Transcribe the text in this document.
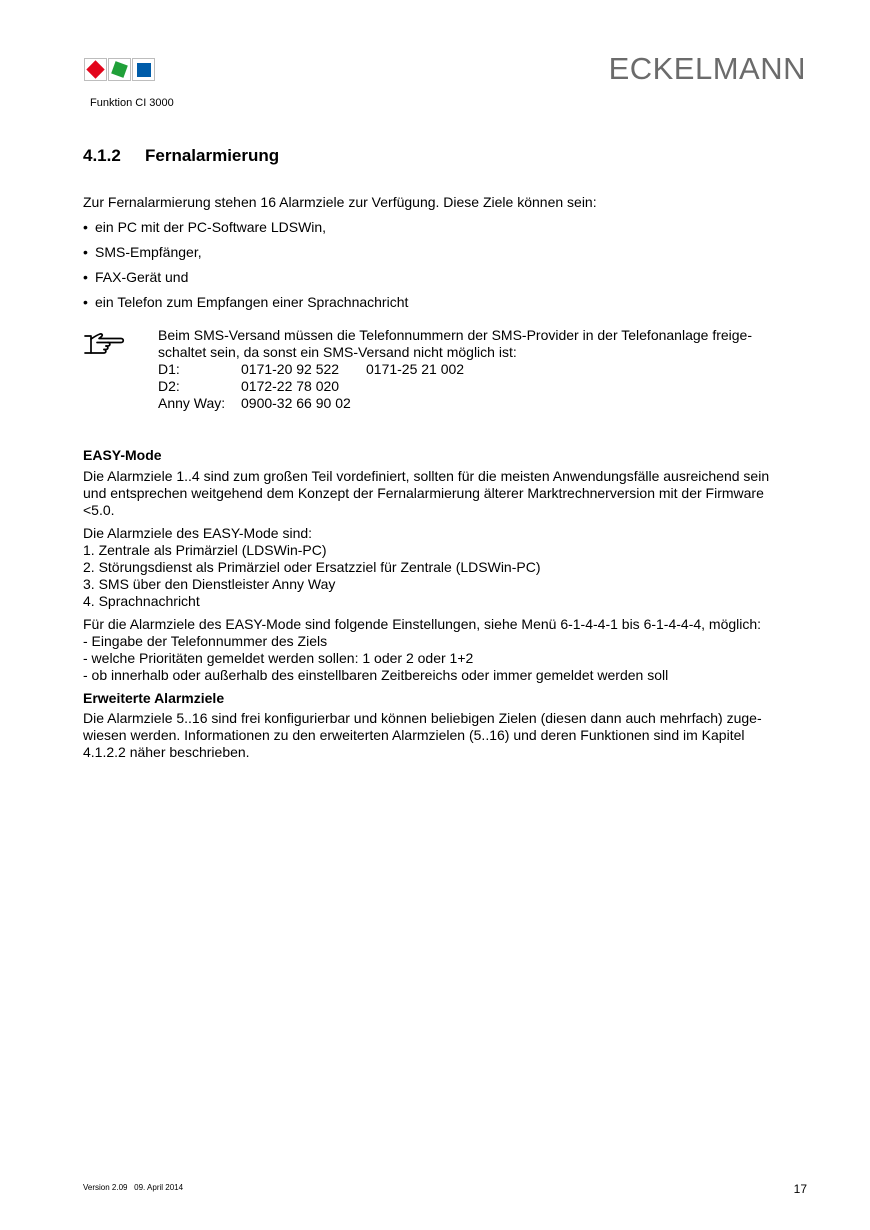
Funktion CI 3000
ECKELMANN
4.1.2 Fernalarmierung

Zur Fernalarmierung stehen 16 Alarmziele zur Verfügung. Diese Ziele können sein:

• ein PC mit der PC-Software LDSWin,
• SMS-Empfänger,
• FAX-Gerät und
• ein Telefon zum Empfangen einer Sprachnachricht

Beim SMS-Versand müssen die Telefonnummern der SMS-Provider in der Telefonanlage freige-

schaltet sein, da sonst ein SMS-Versand nicht möglich ist:

D1:	0171-20 92 522	0171-25 21 002
D2:	0172-22 78 020	
Anny Way:	0900-32 66 90 02	

EASY-Mode

Die Alarmziele 1..4 sind zum großen Teil vordefiniert, sollten für die meisten Anwendungsfälle ausreichend sein

und entsprechen weitgehend dem Konzept der Fernalarmierung älterer Marktrechnerversion mit der Firmware

<5.0.

Die Alarmziele des EASY-Mode sind:

1. Zentrale als Primärziel (LDSWin-PC)

2. Störungsdienst als Primärziel oder Ersatzziel für Zentrale (LDSWin-PC)

3. SMS über den Dienstleister Anny Way

4. Sprachnachricht

Für die Alarmziele des EASY-Mode sind folgende Einstellungen, siehe Menü 6-1-4-4-1 bis 6-1-4-4-4, möglich:

- Eingabe der Telefonnummer des Ziels

- welche Prioritäten gemeldet werden sollen: 1 oder 2 oder 1+2

- ob innerhalb oder außerhalb des einstellbaren Zeitbereichs oder immer gemeldet werden soll

Erweiterte Alarmziele

Die Alarmziele 5..16 sind frei konfigurierbar und können beliebigen Zielen (diesen dann auch mehrfach) zuge-

wiesen werden. Informationen zu den erweiterten Alarmzielen (5..16) und deren Funktionen sind im Kapitel

4.1.2.2 näher beschrieben.

Version 2.09   09. April 2014	17
